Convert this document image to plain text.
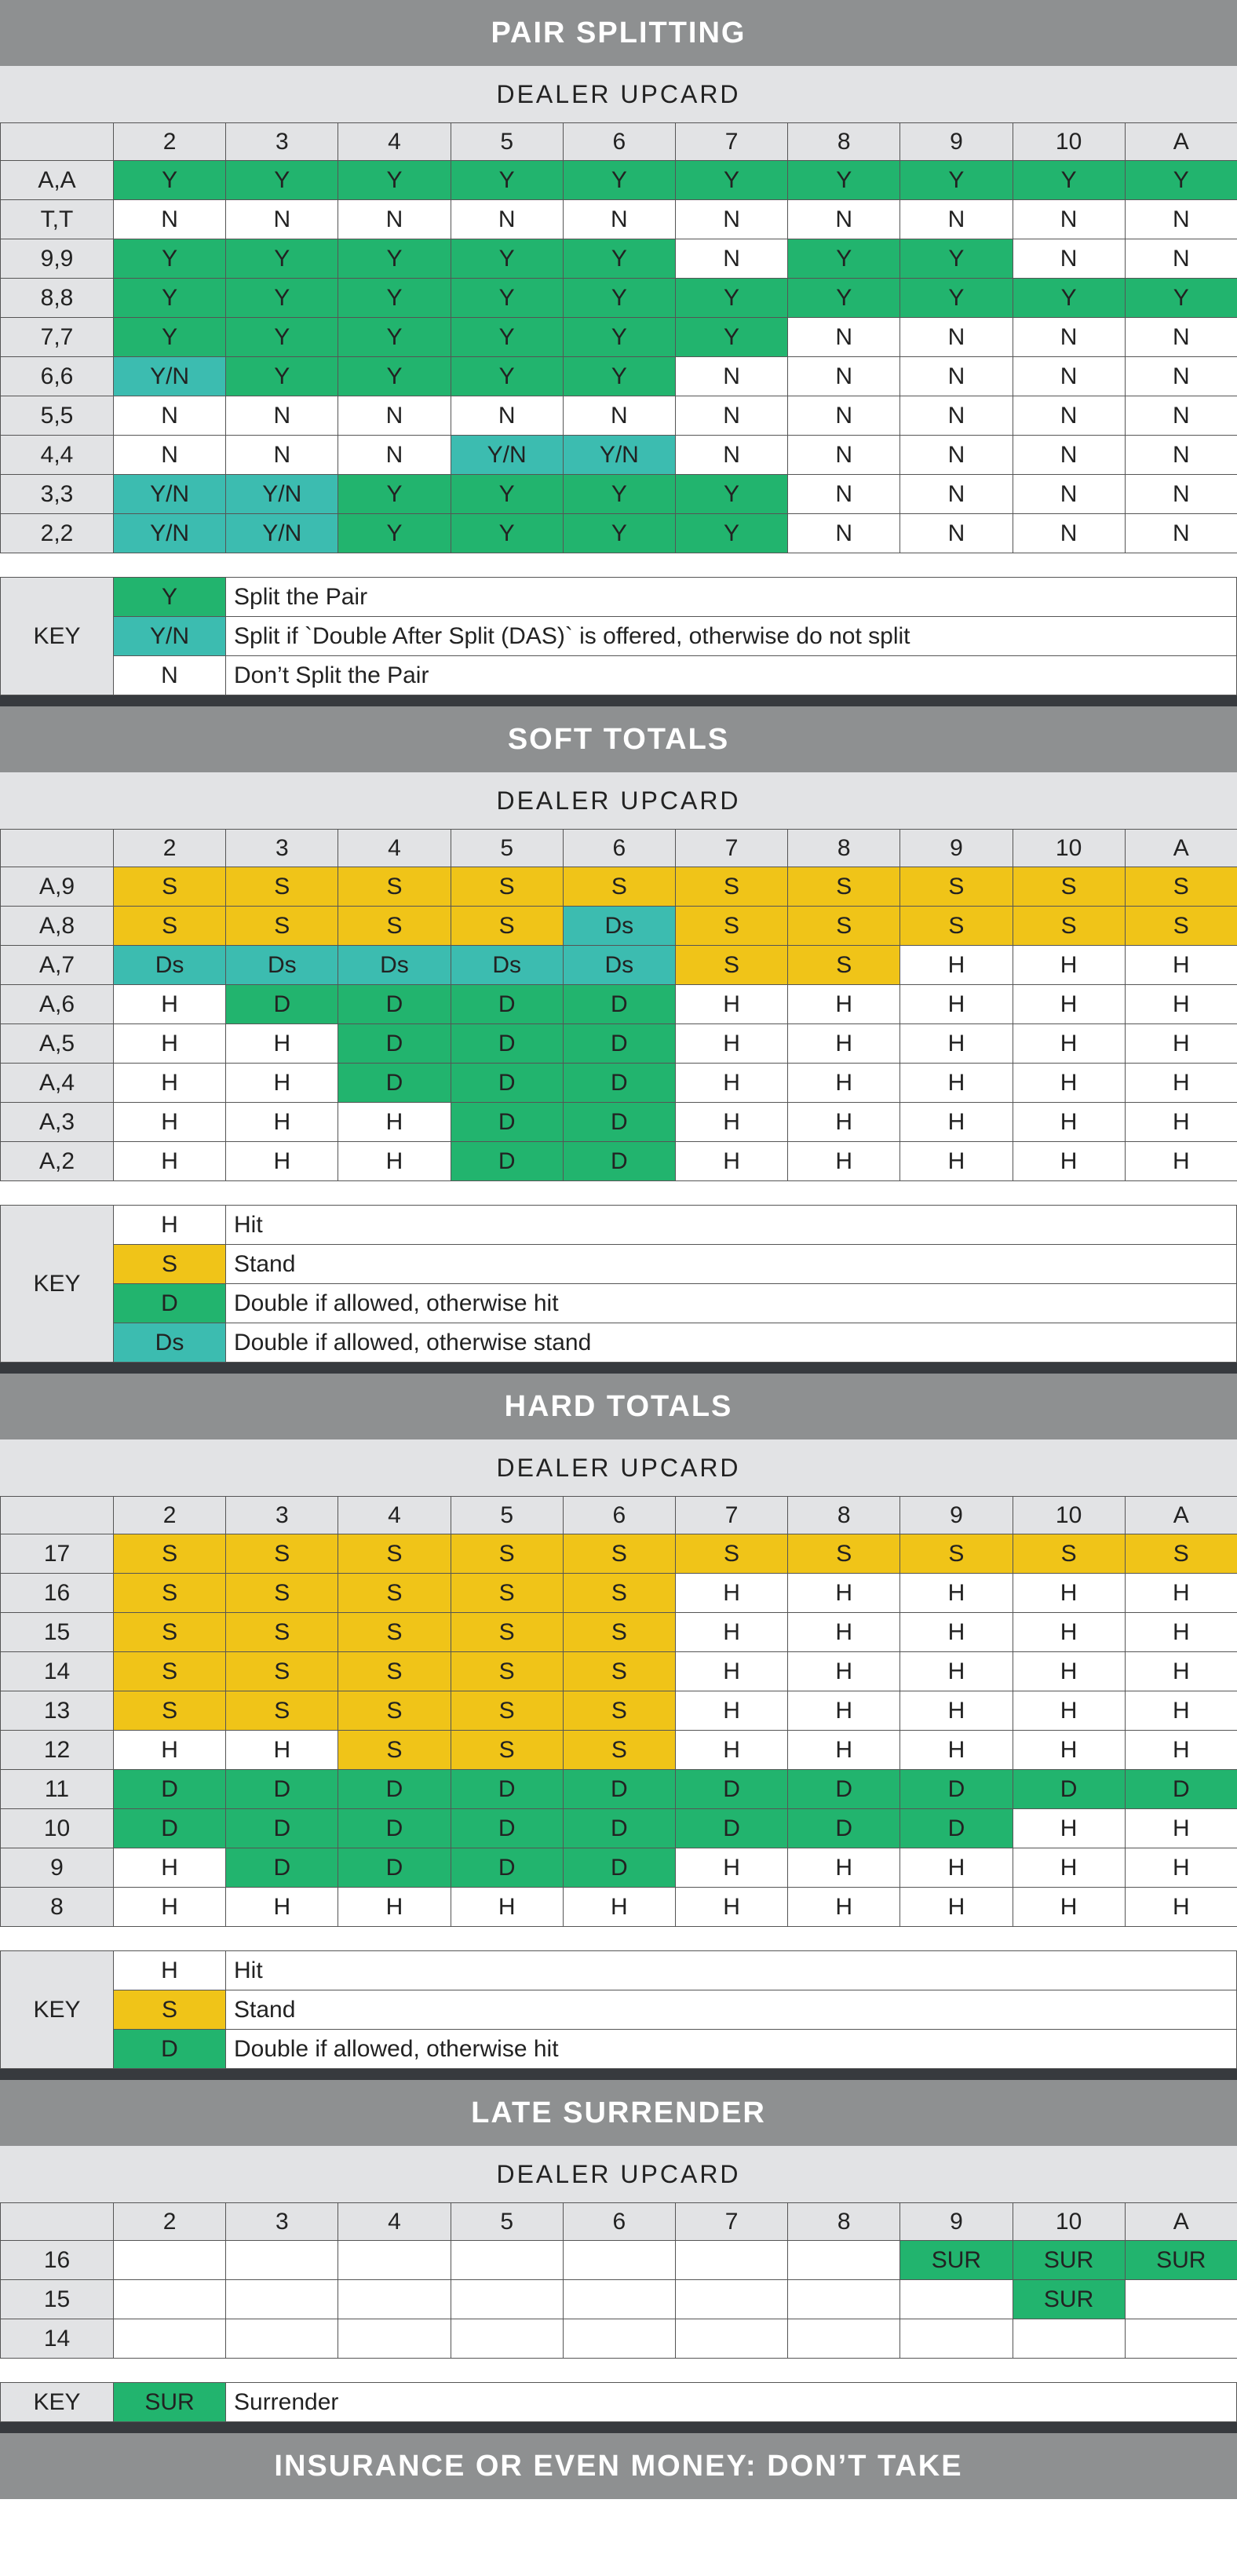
PAIR SPLITTING
DEALER UPCARD
	2	3	4	5	6	7	8	9	10	A
A,A	Y	Y	Y	Y	Y	Y	Y	Y	Y	Y
T,T	N	N	N	N	N	N	N	N	N	N
9,9	Y	Y	Y	Y	Y	N	Y	Y	N	N
8,8	Y	Y	Y	Y	Y	Y	Y	Y	Y	Y
7,7	Y	Y	Y	Y	Y	Y	N	N	N	N
6,6	Y/N	Y	Y	Y	Y	N	N	N	N	N
5,5	N	N	N	N	N	N	N	N	N	N
4,4	N	N	N	Y/N	Y/N	N	N	N	N	N
3,3	Y/N	Y/N	Y	Y	Y	Y	N	N	N	N
2,2	Y/N	Y/N	Y	Y	Y	Y	N	N	N	N
KEY	Y	Split the Pair
	Y/N	Split if `Double After Split (DAS)` is offered, otherwise do not split
	N	Don’t Split the Pair
SOFT TOTALS
DEALER UPCARD
	2	3	4	5	6	7	8	9	10	A
A,9	S	S	S	S	S	S	S	S	S	S
A,8	S	S	S	S	Ds	S	S	S	S	S
A,7	Ds	Ds	Ds	Ds	Ds	S	S	H	H	H
A,6	H	D	D	D	D	H	H	H	H	H
A,5	H	H	D	D	D	H	H	H	H	H
A,4	H	H	D	D	D	H	H	H	H	H
A,3	H	H	H	D	D	H	H	H	H	H
A,2	H	H	H	D	D	H	H	H	H	H
KEY	H	Hit
	S	Stand
	D	Double if allowed, otherwise hit
	Ds	Double if allowed, otherwise stand
HARD TOTALS
DEALER UPCARD
	2	3	4	5	6	7	8	9	10	A
17	S	S	S	S	S	S	S	S	S	S
16	S	S	S	S	S	H	H	H	H	H
15	S	S	S	S	S	H	H	H	H	H
14	S	S	S	S	S	H	H	H	H	H
13	S	S	S	S	S	H	H	H	H	H
12	H	H	S	S	S	H	H	H	H	H
11	D	D	D	D	D	D	D	D	D	D
10	D	D	D	D	D	D	D	D	H	H
9	H	D	D	D	D	H	H	H	H	H
8	H	H	H	H	H	H	H	H	H	H
KEY	H	Hit
	S	Stand
	D	Double if allowed, otherwise hit
LATE SURRENDER
DEALER UPCARD
	2	3	4	5	6	7	8	9	10	A
16								SUR	SUR	SUR
15									SUR	
14										
KEY	SUR	Surrender
INSURANCE OR EVEN MONEY: DON’T TAKE
